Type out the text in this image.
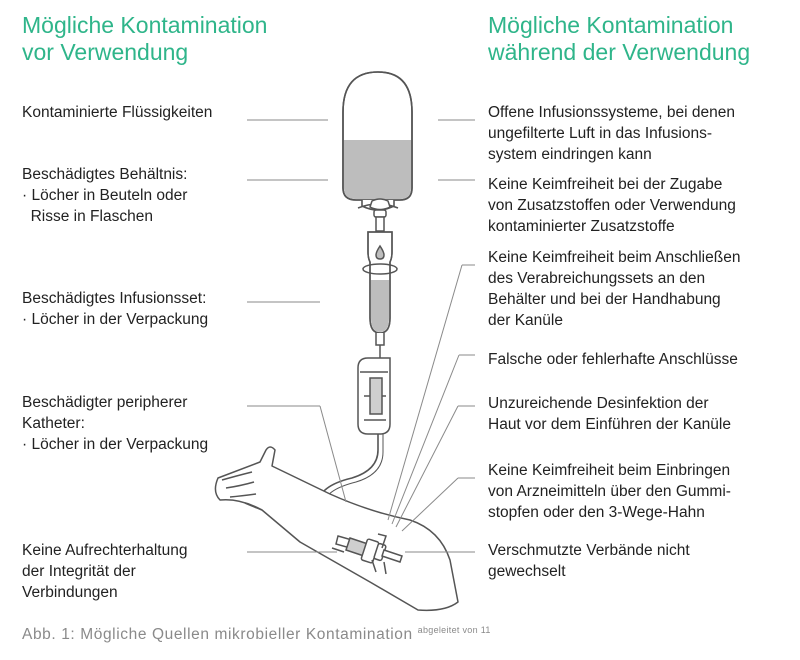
Mögliche Kontamination
vor Verwendung
Mögliche Kontamination
während der Verwendung
Kontaminierte Flüssigkeiten
Beschädigtes Behältnis:
· Löcher in Beuteln oder
Risse in Flaschen
Beschädigtes Infusionsset:
· Löcher in der Verpackung
Beschädigter peripherer
Katheter:
· Löcher in der Verpackung
Keine Aufrechterhaltung
der Integrität der
Verbindungen
Offene Infusionssysteme, bei denen
ungefilterte Luft in das Infusions-
system eindringen kann
Keine Keimfreiheit bei der Zugabe
von Zusatzstoffen oder Verwendung
kontaminierter Zusatzstoffe
Keine Keimfreiheit beim Anschließen
des Verabreichungssets an den
Behälter und bei der Handhabung
der Kanüle
Falsche oder fehlerhafte Anschlüsse
Unzureichende Desinfektion der
Haut vor dem Einführen der Kanüle
Keine Keimfreiheit beim Einbringen
von Arzneimitteln über den Gummi-
stopfen oder den 3-Wege-Hahn
Verschmutzte Verbände nicht
gewechselt
Abb. 1: Mögliche Quellen mikrobieller Kontamination $^{abgeleitet von 11}$
